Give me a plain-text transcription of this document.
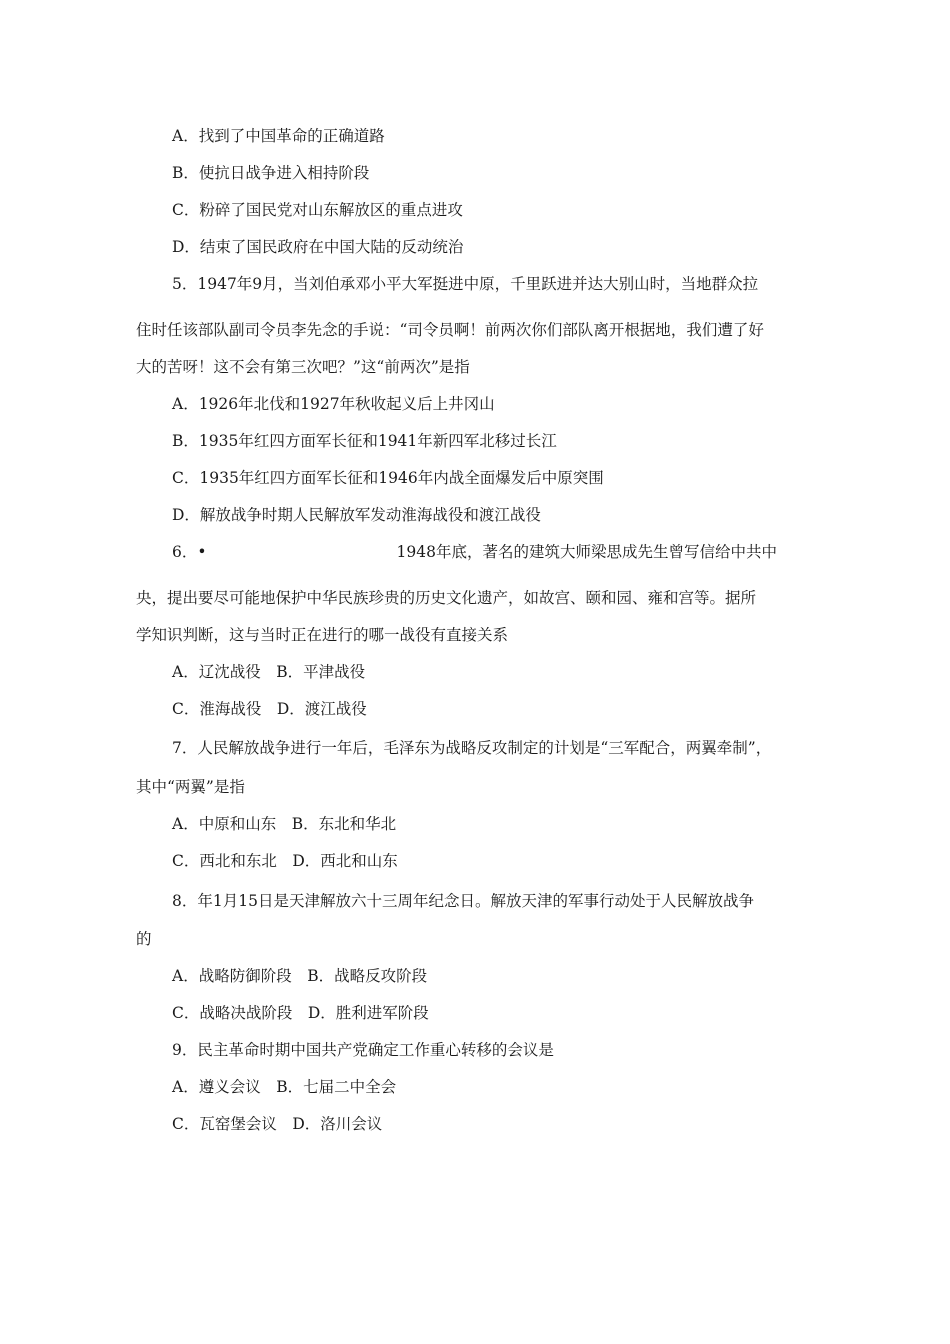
A．找到了中国革命的正确道路
B．使抗日战争进入相持阶段
C．粉碎了国民党对山东解放区的重点进攻
D．结束了国民政府在中国大陆的反动统治
5．1947年9月，当刘伯承邓小平大军挺进中原，千里跃进并达大别山时，当地群众拉
住时任该部队副司令员李先念的手说：“司令员啊！前两次你们部队离开根据地，我们遭了好
大的苦呀！这不会有第三次吧？”这“前两次”是指
A．1926年北伐和1927年秋收起义后上井冈山
B．1935年红四方面军长征和1941年新四军北移过长江
C．1935年红四方面军长征和1946年内战全面爆发后中原突围
D．解放战争时期人民解放军发动淮海战役和渡江战役
6．•	1948年底，著名的建筑大师梁思成先生曾写信给中共中
央，提出要尽可能地保护中华民族珍贵的历史文化遗产，如故宫、颐和园、雍和宫等。据所
学知识判断，这与当时正在进行的哪一战役有直接关系
A．辽沈战役　B．平津战役
C．淮海战役　D．渡江战役
7．人民解放战争进行一年后，毛泽东为战略反攻制定的计划是“三军配合，两翼牵制”，
其中“两翼”是指
A．中原和山东　B．东北和华北
C．西北和东北　D．西北和山东
8．年1月15日是天津解放六十三周年纪念日。解放天津的军事行动处于人民解放战争
的
A．战略防御阶段　B．战略反攻阶段
C．战略决战阶段　D．胜利进军阶段
9．民主革命时期中国共产党确定工作重心转移的会议是
A．遵义会议　B．七届二中全会
C．瓦窑堡会议　D．洛川会议
